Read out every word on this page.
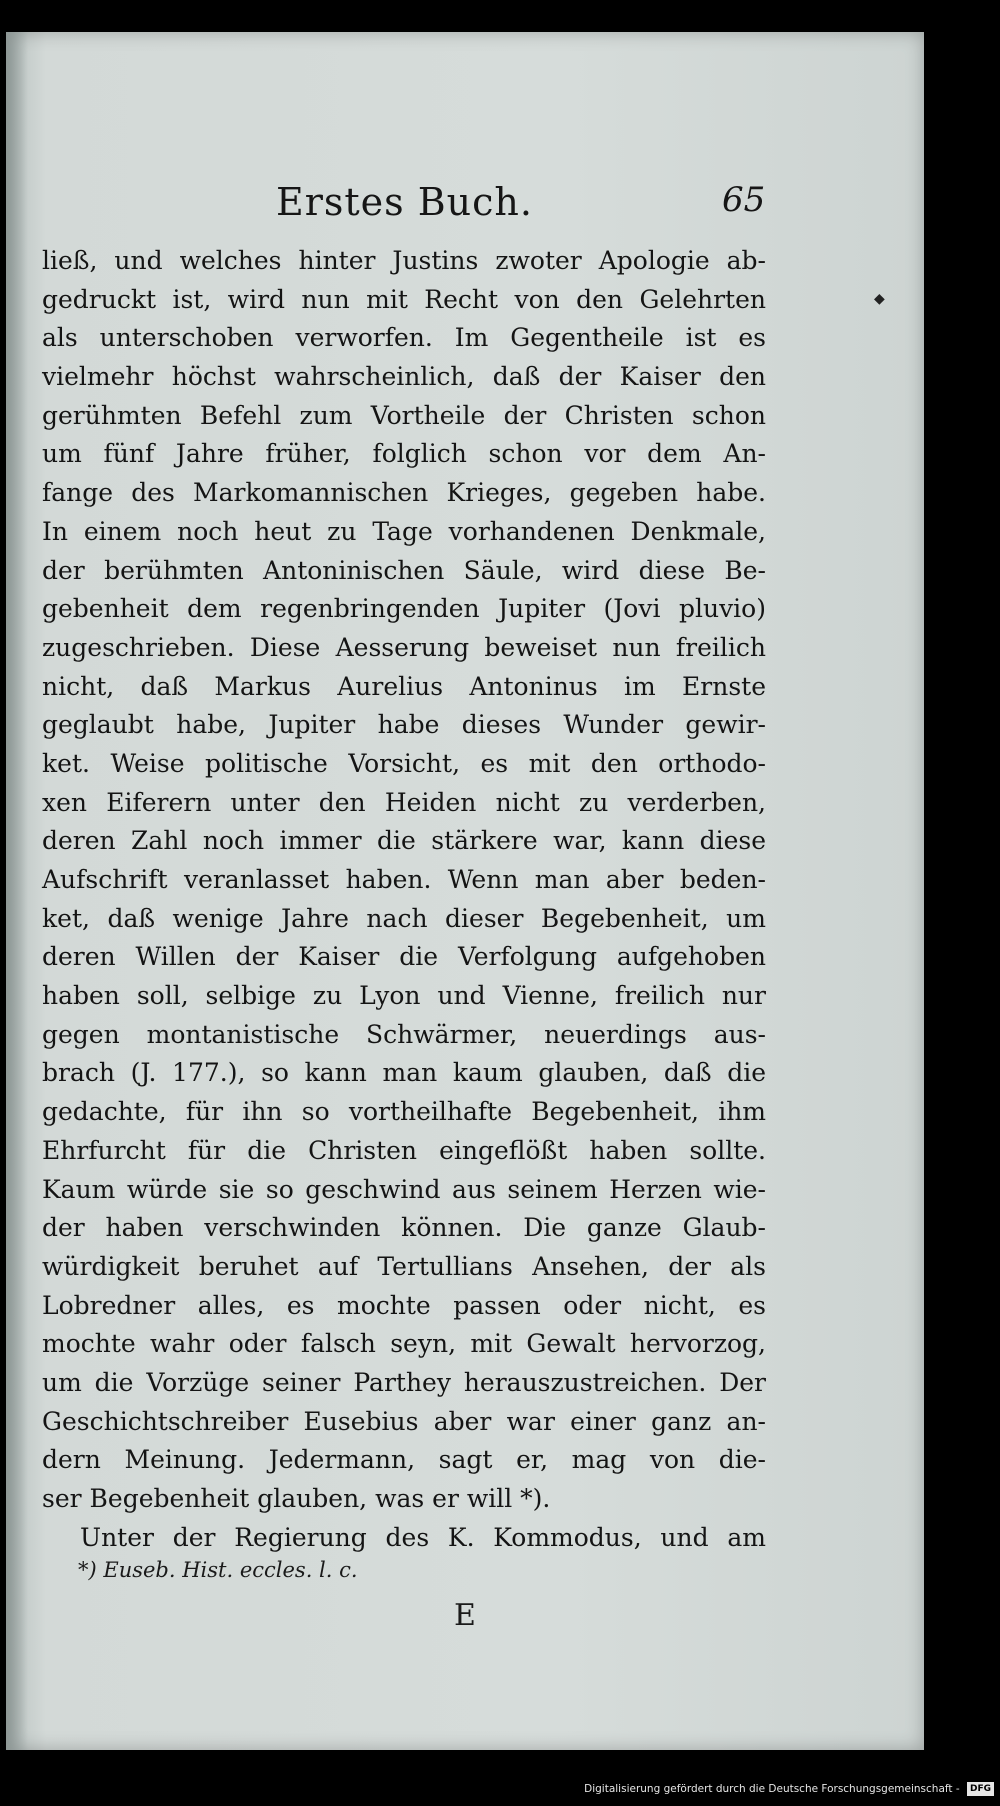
Erstes Buch.	65
◆
ließ, und welches hinter Justins zwoter Apologie ab-
gedruckt ist, wird nun mit Recht von den Gelehrten
als unterschoben verworfen. Im Gegentheile ist es
vielmehr höchst wahrscheinlich, daß der Kaiser den
gerühmten Befehl zum Vortheile der Christen schon
um fünf Jahre früher, folglich schon vor dem An-
fange des Markomannischen Krieges, gegeben habe.
In einem noch heut zu Tage vorhandenen Denkmale,
der berühmten Antoninischen Säule, wird diese Be-
gebenheit dem regenbringenden Jupiter (Jovi pluvio)
zugeschrieben. Diese Aesserung beweiset nun freilich
nicht, daß Markus Aurelius Antoninus im Ernste
geglaubt habe, Jupiter habe dieses Wunder gewir-
ket. Weise politische Vorsicht, es mit den orthodo-
xen Eiferern unter den Heiden nicht zu verderben,
deren Zahl noch immer die stärkere war, kann diese
Aufschrift veranlasset haben. Wenn man aber beden-
ket, daß wenige Jahre nach dieser Begebenheit, um
deren Willen der Kaiser die Verfolgung aufgehoben
haben soll, selbige zu Lyon und Vienne, freilich nur
gegen montanistische Schwärmer, neuerdings aus-
brach (J. 177.), so kann man kaum glauben, daß die
gedachte, für ihn so vortheilhafte Begebenheit, ihm
Ehrfurcht für die Christen eingeflößt haben sollte.
Kaum würde sie so geschwind aus seinem Herzen wie-
der haben verschwinden können. Die ganze Glaub-
würdigkeit beruhet auf Tertullians Ansehen, der als
Lobredner alles, es mochte passen oder nicht, es
mochte wahr oder falsch seyn, mit Gewalt hervorzog,
um die Vorzüge seiner Parthey herauszustreichen. Der
Geschichtschreiber Eusebius aber war einer ganz an-
dern Meinung. Jedermann, sagt er, mag von die-
ser Begebenheit glauben, was er will *).
Unter der Regierung des K. Kommodus, und am
*) Euseb. Hist. eccles. l. c.
E
Digitalisierung gefördert durch die Deutsche Forschungsgemeinschaft - DFG
